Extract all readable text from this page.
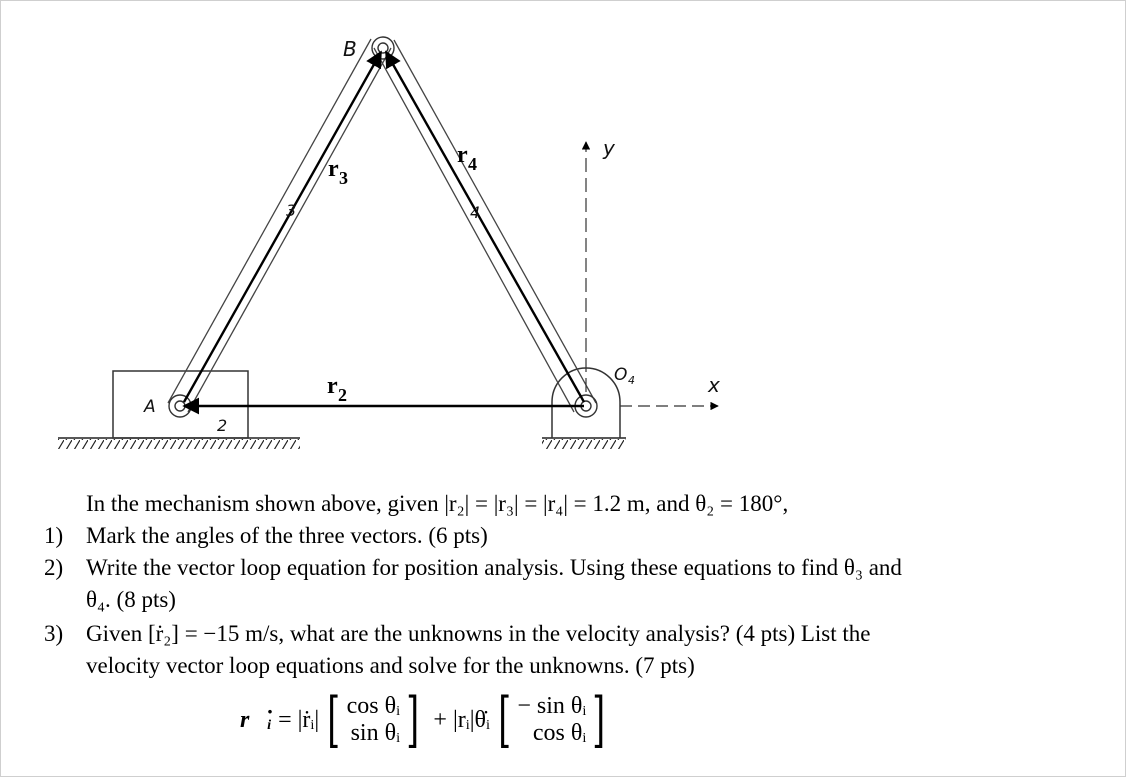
A
B
O 4
y
x
2
3	4
r 3
r 4
r 2
In the mechanism shown above, given |r₂| = |r₃| = |r₄| = 1.2 m, and θ₂ = 180°,
1) Mark the angles of the three vectors. (6 pts)
2) Write the vector loop equation for position analysis. Using these equations to find θ₃ and
θ₄. (8 pts)
3) Given [ṙ₂] = −15 m/s, what are the unknowns in the velocity analysis? (4 pts) List the
velocity vector loop equations and solve for the unknowns. (7 pts)
r⃗̇ᵢ = |ṙᵢ| [ cos θᵢ
sin θᵢ ] + |rᵢ|θ̇ᵢ [ − sin θᵢ
cos θᵢ ]
